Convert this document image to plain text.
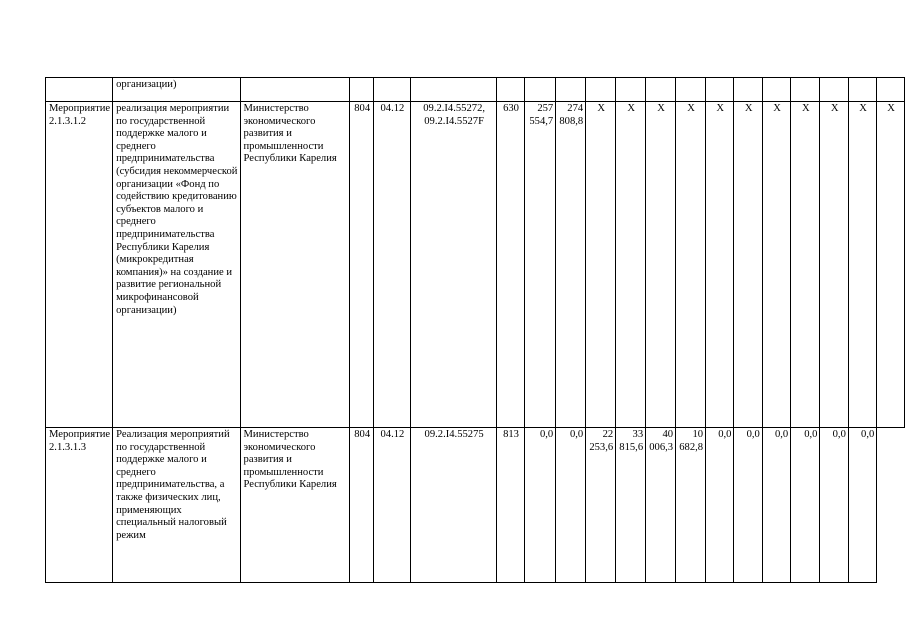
	организации)																		
Мероприятие 2.1.3.1.2	реализация мероприятии по государственной поддержке малого и среднего предпринимательства (субсидия некоммерческой организации «Фонд по содействию кредитованию субъектов малого и среднего предпринимательства Республики Карелия (микрокредитная компания)» на создание и развитие региональной микрофинансовой организации)	Министерство экономического развития и промышленности Республики Карелия	804	04.12	09.2.I4.55272, 09.2.I4.5527F	630	257 554,7	274 808,8	Х	Х	Х	Х	Х	Х	Х	Х	Х	Х	Х
Мероприятие 2.1.3.1.3	Реализация мероприятий по государственной поддержке малого и среднего предпринимательства, а также физических лиц, применяющих специальный налоговый режим	Министерство экономического развития и промышленности Республики Карелия	804	04.12	09.2.I4.55275	813	0,0	0,0	22 253,6	33 815,6	40 006,3	10 682,8	0,0	0,0	0,0	0,0	0,0	0,0	
